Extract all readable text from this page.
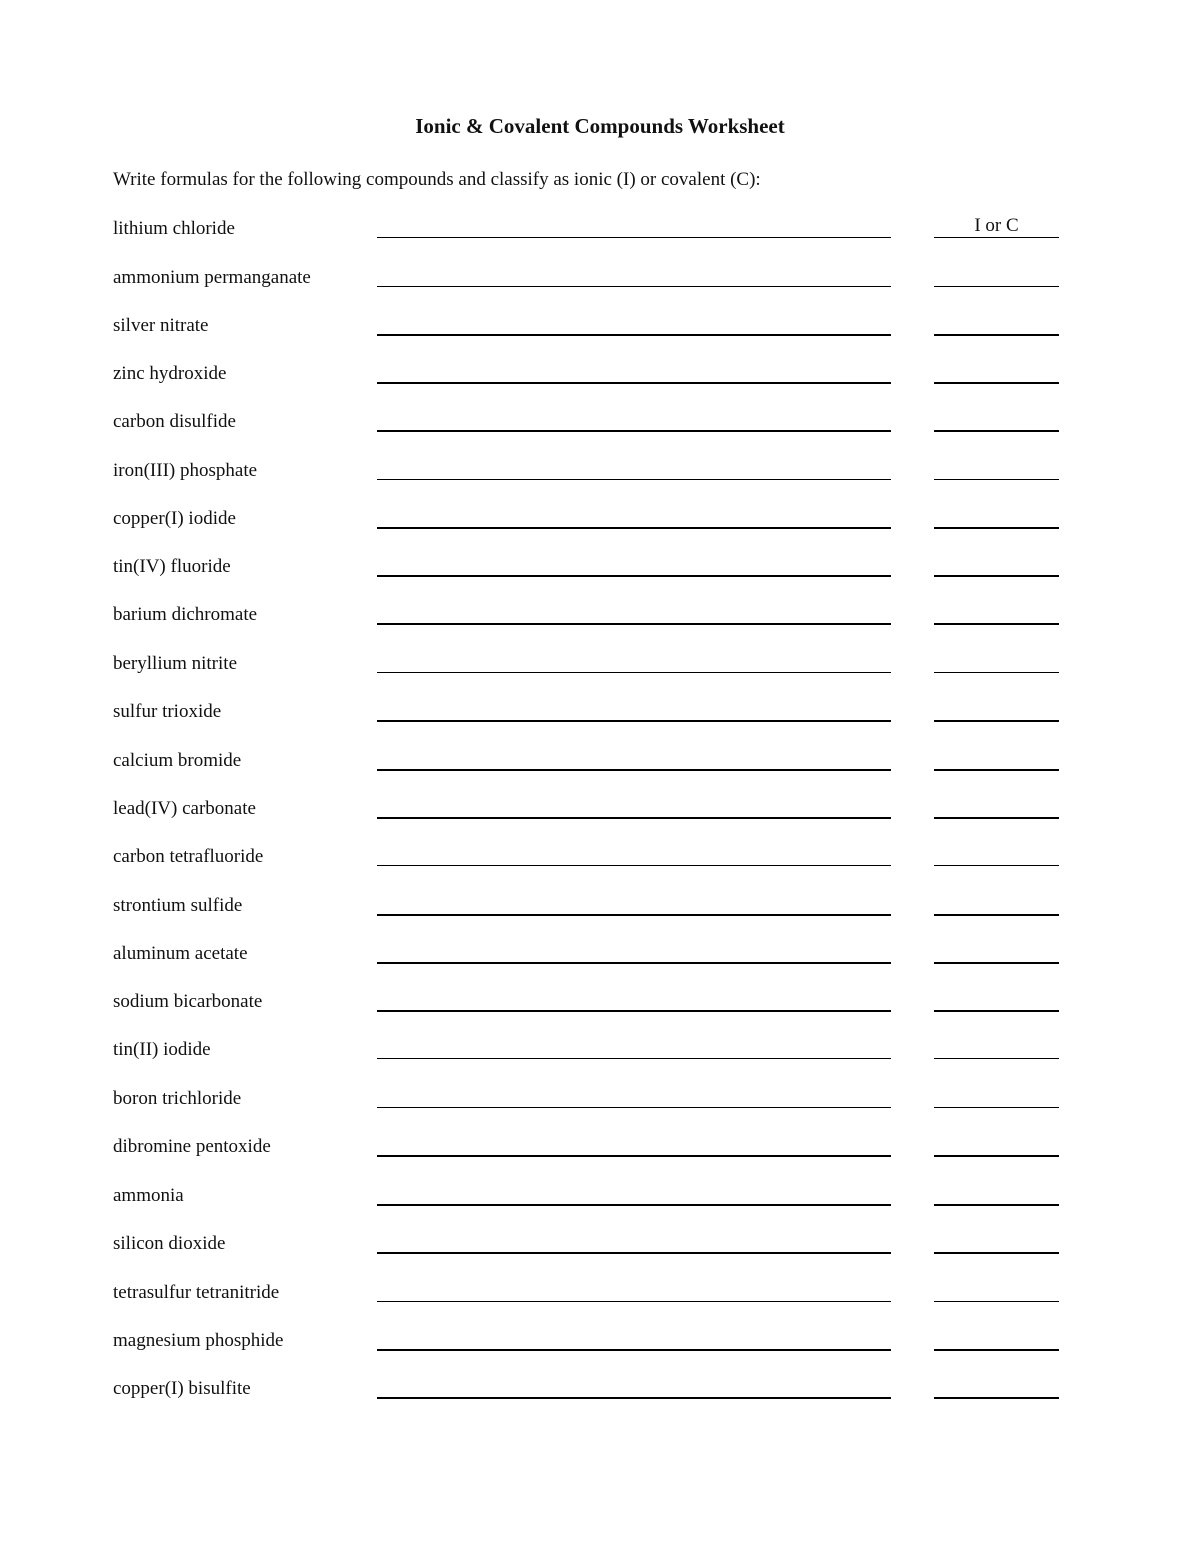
Ionic & Covalent Compounds Worksheet
Write formulas for the following compounds and classify as ionic (I) or covalent (C):
lithium chloride	I or C
ammonium permanganate
silver nitrate
zinc hydroxide
carbon disulfide
iron(III) phosphate
copper(I) iodide
tin(IV) fluoride
barium dichromate
beryllium nitrite
sulfur trioxide
calcium bromide
lead(IV) carbonate
carbon tetrafluoride
strontium sulfide
aluminum acetate
sodium bicarbonate
tin(II) iodide
boron trichloride
dibromine pentoxide
ammonia
silicon dioxide
tetrasulfur tetranitride
magnesium phosphide
copper(I) bisulfite
